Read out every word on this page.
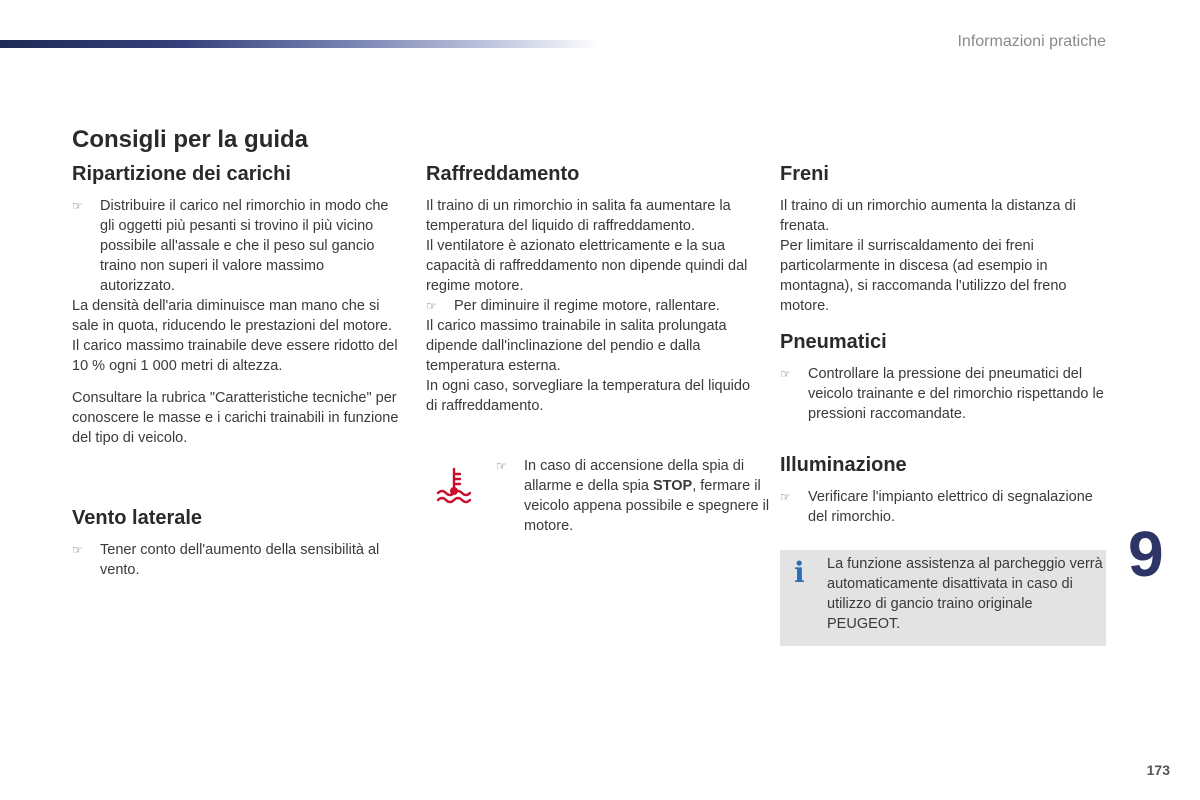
Informazioni pratiche
Consigli per la guida
Ripartizione dei carichi
☞	Distribuire il carico nel rimorchio in modo che gli oggetti più pesanti si trovino il più vicino possibile all'assale e che il peso sul gancio traino non superi il valore massimo autorizzato.

La densità dell'aria diminuisce man mano che si sale in quota, riducendo le prestazioni del motore. Il carico massimo trainabile deve essere ridotto del 10 % ogni 1 000 metri di altezza.

Consultare la rubrica "Caratteristiche tecniche" per conoscere le masse e i carichi trainabili in funzione del tipo di veicolo.

Vento laterale
☞	Tener conto dell'aumento della sensibilità al vento.
Raffreddamento

Il traino di un rimorchio in salita fa aumentare la temperatura del liquido di raffreddamento.

Il ventilatore è azionato elettricamente e la sua capacità di raffreddamento non dipende quindi dal regime motore.

☞	Per diminuire il regime motore, rallentare.

Il carico massimo trainabile in salita prolungata dipende dall'inclinazione del pendio e dalla temperatura esterna.

In ogni caso, sorvegliare la temperatura del liquido di raffreddamento.

☞	In caso di accensione della spia di allarme e della spia STOP, fermare il veicolo appena possibile e spegnere il motore.
Freni

Il traino di un rimorchio aumenta la distanza di frenata.

Per limitare il surriscaldamento dei freni particolarmente in discesa (ad esempio in montagna), si raccomanda l'utilizzo del freno motore.

Pneumatici
☞	Controllare la pressione dei pneumatici del veicolo trainante e del rimorchio rispettando le pressioni raccomandate.
Illuminazione
☞	Verificare l'impianto elettrico di segnalazione del rimorchio.
i La funzione assistenza al parcheggio verrà automaticamente disattivata in caso di utilizzo di gancio traino originale PEUGEOT.
9
173
